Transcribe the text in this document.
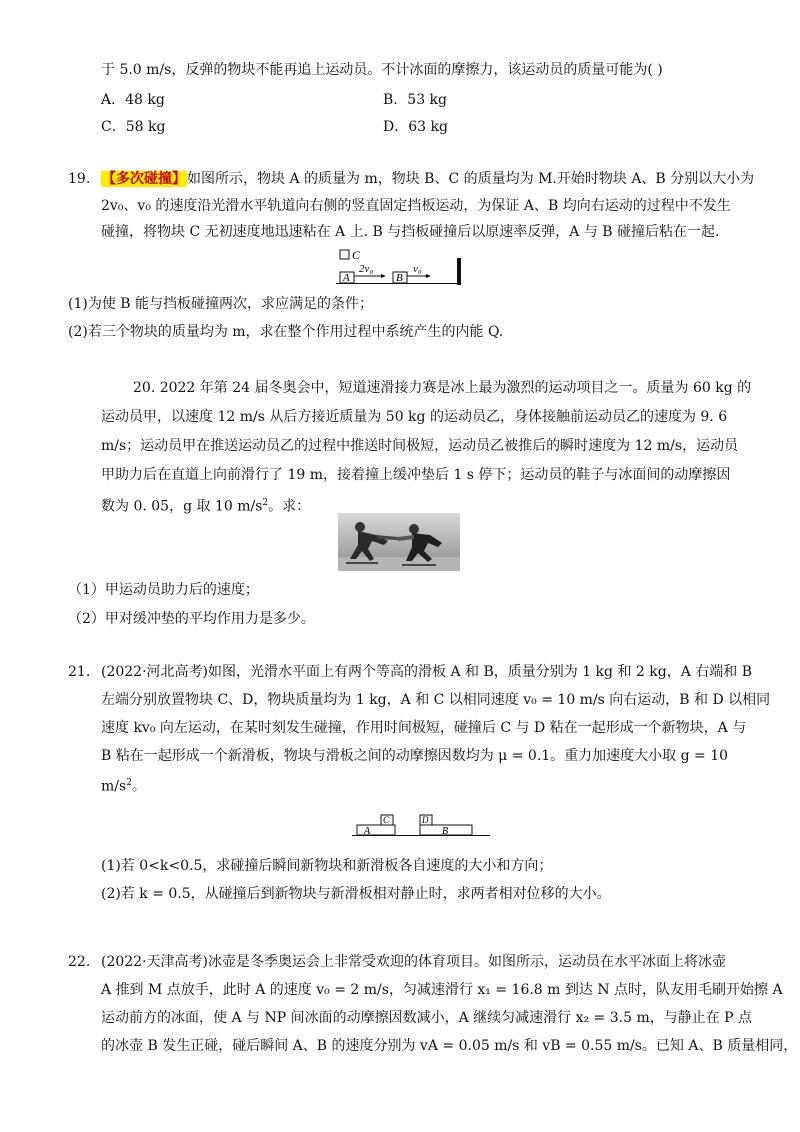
于 5.0 m/s，反弹的物块不能再追上运动员。不计冰面的摩擦力，该运动员的质量可能为( )
A．48 kg	B．53 kg
C．58 kg	D．63 kg
19. 【多次碰撞】如图所示，物块 A 的质量为 m，物块 B、C 的质量均为 M.开始时物块 A、B 分别以大小为
2v₀、v₀ 的速度沿光滑水平轨道向右侧的竖直固定挡板运动，为保证 A、B 均向右运动的过程中不发生
碰撞，将物块 C 无初速度地迅速粘在 A 上. B 与挡板碰撞后以原速率反弹，A 与 B 碰撞后粘在一起.
C
A
2v₀
B
v₀
(1)为使 B 能与挡板碰撞两次，求应满足的条件；
(2)若三个物块的质量均为 m，求在整个作用过程中系统产生的内能 Q.
20. 2022 年第 24 届冬奥会中，短道速滑接力赛是冰上最为激烈的运动项目之一。质量为 60 kg 的
运动员甲，以速度 12 m/s 从后方接近质量为 50 kg 的运动员乙，身体接触前运动员乙的速度为 9. 6
m/s；运动员甲在推送运动员乙的过程中推送时间极短，运动员乙被推后的瞬时速度为 12 m/s，运动员
甲助力后在直道上向前滑行了 19 m，接着撞上缓冲垫后 1 s 停下；运动员的鞋子与冰面间的动摩擦因
数为 0. 05，g 取 10 $m/s^2$。求：
（1）甲运动员助力后的速度；
（2）甲对缓冲垫的平均作用力是多少。
21. (2022·河北高考)如图，光滑水平面上有两个等高的滑板 A 和 B，质量分别为 1 kg 和 2 kg，A 右端和 B
左端分别放置物块 C、D，物块质量均为 1 kg，A 和 C 以相同速度 v₀ = 10 m/s 向右运动，B 和 D 以相同
速度 kv₀ 向左运动，在某时刻发生碰撞，作用时间极短，碰撞后 C 与 D 粘在一起形成一个新物块，A 与
B 粘在一起形成一个新滑板，物块与滑板之间的动摩擦因数均为 μ = 0.1。重力加速度大小取 g = 10
$m/s^2$。
A
C	D
B
(1)若 0<k<0.5，求碰撞后瞬间新物块和新滑板各自速度的大小和方向；
(2)若 k = 0.5，从碰撞后到新物块与新滑板相对静止时，求两者相对位移的大小。
22. (2022·天津高考)冰壶是冬季奥运会上非常受欢迎的体育项目。如图所示，运动员在水平冰面上将冰壶
A 推到 M 点放手，此时 A 的速度 v₀ = 2 m/s，匀减速滑行 x₁ = 16.8 m 到达 N 点时，队友用毛刷开始擦 A
运动前方的冰面，使 A 与 NP 间冰面的动摩擦因数减小，A 继续匀减速滑行 x₂ = 3.5 m，与静止在 P 点
的冰壶 B 发生正碰，碰后瞬间 A、B 的速度分别为 vA = 0.05 m/s 和 vB = 0.55 m/s。已知 A、B 质量相同，
